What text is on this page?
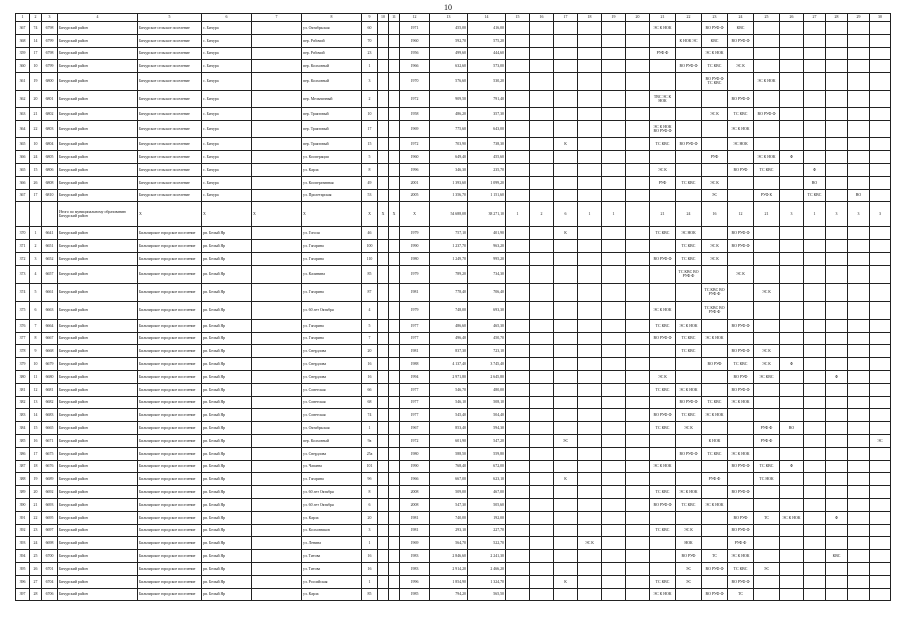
10
1	2	3	4	5	6	7	8	9	10	11	12	13	14	15	16	17	18	19	20	21	22	23	24	25	26	27	28	29	30
367	74	6798	Бичурский район	Бичурское сельское поселение	с. Бичура		ул. Октябрьская	60			1971	455,00	416,00							ЭС К НОК		ВО РУФ Ф	КВС						
368	14	6799	Бичурский район	Бичурское сельское поселение	с. Бичура		пер. Рабочий	70			1960	592,70	575,20								К НОК ЭС	КВС	ВО РУФ Ф						
359	17	6798	Бичурский район	Бичурское сельское поселение	с. Бичура		пер. Рабочий	23			1956	499,60	444,60							РУФ Ф		ЭС К НОК							
360	10	6799	Бичурский район	Бичурское сельское поселение	с. Бичура		пер. Колхозный	1			1966	632,60	573,00								ВО РУФ Ф	ТС КВС	ЭС К						
361	19	6800	Бичурский район	Бичурское сельское поселение	с. Бичура		пер. Колхозный	3			1970	576,60	530,20									ВО РУФ Ф ТС КВС		ЭС К НОК					
362	20	6801	Бичурский район	Бичурское сельское поселение	с. Бичура		пер. Мельничный	2			1972	909,50	791,40							ТВС ЭС К НОК			ВО РУФ Ф						
363	21	6802	Бичурский район	Бичурское сельское поселение	с. Бичура		пер. Трактовый	10			1958	486,20	357,30									ЭС К	ТС КВС	ВО РУФ Ф					
364	22	6803	Бичурский район	Бичурское сельское поселение	с. Бичура		пер. Трактовый	17			1969	775,60	643,00							ЭС К НОК ВО РУФ Ф			ЭС К НОК						
365	10	6804	Бичурский район	Бичурское сельское поселение	с. Бичура		пер. Трактовый	15			1972	703,90	738,30			К				ТС КВС	ВО РУФ Ф		ЭС НОК						
366	24	6805	Бичурский район	Бичурское сельское поселение	с. Бичура		ул. Кооперации	5			1960	649,40	455,60									РУФ		ЭС К НОК	Ф				
365	15	6806	Бичурский район	Бичурское сельское поселение	с. Бичура		ул. Карла	8			1996	346,30	235,70							ЭС К			ВО РУФ	ТС КВС		Ф			
366	26	6808	Бичурский район	Бичурское сельское поселение	с. Бичура		ул. Кооперативная	49			2001	1 393,60	1 099,20							РУФ	ТС КВС	ЭС К				ВО			
367	17	6810	Бичурский район	Бичурское сельское поселение	с. Бичура		ул. Пролетарская	53			2005	1 356,70	1 151,60									ЭС		РУФ К		ТС КВС		ВО	
			Итого по муниципальному образованию Бичурский район	Х	Х	Х	Х	Х	Х	Х	Х	54 688,08	38 271,10	1	2	6	1	1		21	24	16	12	21	3	1	3	3	3
370	1	6641	Бичурский район	Бильчирское городское поселение	рп. Белый Яр		ул. Гоголя	46			1979	757,10	401,90			К				ТС КВС	ЭС НОК		ВО РУФ Ф						
371	2	6651	Бичурский район	Бильчирское городское поселение	рп. Белый Яр		ул. Гагарина	100			1990	1 237,70	963,20								ТС КВС	ЭС К	ВО РУФ Ф						
372	3	6652	Бичурский район	Бильчирское городское поселение	рп. Белый Яр		ул. Гагарина	110			1980	1 249,70	995,20							ВО РУФ Ф	ТС КВС	ЭС К							
373	4	6657	Бичурский район	Бильчирское городское поселение	рп. Белый Яр		ул. Калинина	85			1979	789,20	734,30								ТС КВС ВО РУФ Ф		ЭС К						
374	5	6661	Бичурский район	Бильчирское городское поселение	рп. Белый Яр		ул. Гагарина	87			1981	778,40	706,40									ТС КВС ВО РУФ Ф		ЭС К					
375	6	6663	Бичурский район	Бильчирское городское поселение	рп. Белый Яр		ул. 60 лет Октября	4			1979	748,00	693,30							ЭС К НОК		ТС КВС ВО РУФ Ф							
376	7	6664	Бичурский район	Бильчирское городское поселение	рп. Белый Яр		ул. Гагарина	5			1977	486,60	465,30							ТС КВС	ЭС К НОК		ВО РУФ Ф						
377	8	6667	Бичурский район	Бильчирское городское поселение	рп. Белый Яр		ул. Гагарина	7			1977	496,40	450,70							ВО РУФ Ф	ТС КВС	ЭС К НОК							
378	9	6668	Бичурский район	Бильчирское городское поселение	рп. Белый Яр		ул. Свердлова	20			1981	837,30	723,10								ТС КВС		ВО РУФ Ф	ЭС К					
379	10	6679	Бичурский район	Бильчирское городское поселение	рп. Белый Яр		ул. Свердлова	16			1988	4 137,40	3 745,40									ВО РУФ	ТС КВС	ЭС К	Ф				
380	11	6680	Бичурский район	Бильчирское городское поселение	рп. Белый Яр		ул. Свердлова	16			1994	2 971,80	2 645,80							ЭС К			ВО РУФ	ЭС КВС			Ф		
381	12	6681	Бичурский район	Бильчирское городское поселение	рп. Белый Яр		ул. Советская	66			1977	546,70	480,00							ТС КВС	ЭС К НОК		ВО РУФ Ф						
382	13	6682	Бичурский район	Бильчирское городское поселение	рп. Белый Яр		ул. Советская	68			1977	546,10	508,10								ВО РУФ Ф	ТС КВС	ЭС К НОК						
383	14	6683	Бичурский район	Бильчирское городское поселение	рп. Белый Яр		ул. Советская	74			1977	545,40	504,40							ВО РУФ Ф	ТС КВС	ЭС К НОК							
384	15	6665	Бичурский район	Бильчирское городское поселение	рп. Белый Яр		ул. Октябрьская	1			1967	853,40	594,30							ТС КВС	ЭС К			РУФ Ф	ВО				
385	16	6671	Бичурский район	Бильчирское городское поселение	рп. Белый Яр		пер. Колхозный	9а			1972	601,90	547,20			ЭС						К НОК		РУФ Ф					ЭС
386	17	6675	Бичурский район	Бильчирское городское поселение	рп. Белый Яр		ул. Свердлова	25а			1980	588,50	559,80								ВО РУФ Ф	ТС КВС	ЭС К НОК						
387	18	6676	Бичурский район	Бильчирское городское поселение	рп. Белый Яр		ул. Чапаева	101			1990	768,40	672,00							ЭС К НОК			ВО РУФ Ф	ТС КВС	Ф				
388	19	6689	Бичурский район	Бильчирское городское поселение	рп. Белый Яр		ул. Гагарина	9б			1966	667,00	623,10			К						РУФ Ф		ТС НОК					
389	20	6692	Бичурский район	Бильчирское городское поселение	рп. Белый Яр		ул. 60 лет Октября	8			2008	509,00	467,00							ТС КВС	ЭС К НОК		ВО РУФ Ф						
390	21	6693	Бичурский район	Бильчирское городское поселение	рп. Белый Яр		ул. 60 лет Октября	6			2008	547,30	505,60							ВО РУФ Ф	ТС КВС	ЭС К НОК							
391	22	6695	Бичурский район	Бильчирское городское поселение	рп. Белый Яр		ул. Карла	20			1981	740,00	192,00										ВО РУФ	ТС	ЭС К НОК		Ф		
392	23	6697	Бичурский район	Бильчирское городское поселение	рп. Белый Яр		ул. Колхозников	3			1981	293,10	227,70							ТС КВС	ЭС К		ВО РУФ Ф						
393	24	6698	Бичурский район	Бильчирское городское поселение	рп. Белый Яр		ул. Ленина	1			1969	564,70	522,70				ЭС К				НОК		РУФ Ф						
394	25	6700	Бичурский район	Бильчирское городское поселение	рп. Белый Яр		ул. Титова	16			1983	2 846,60	2 241,30								ВО РУФ	ТС	ЭС К НОК				КВС		
395	26	6701	Бичурский район	Бильчирское городское поселение	рп. Белый Яр		ул. Титова	16			1983	2 914,20	2 466,20								ЭС	ВО РУФ Ф	ТС КВС	ЭС					
396	27	6704	Бичурский район	Бильчирское городское поселение	рп. Белый Яр		ул. Российская	1			1996	1 854,90	1 324,70			К				ТС КВС	ЭС		ВО РУФ Ф						
397	28	6706	Бичурский район	Бильчирское городское поселение	рп. Белый Яр		ул. Карла	85			1985	794,20	565,50							ЭС К НОК		ВО РУФ Ф	ТС						
